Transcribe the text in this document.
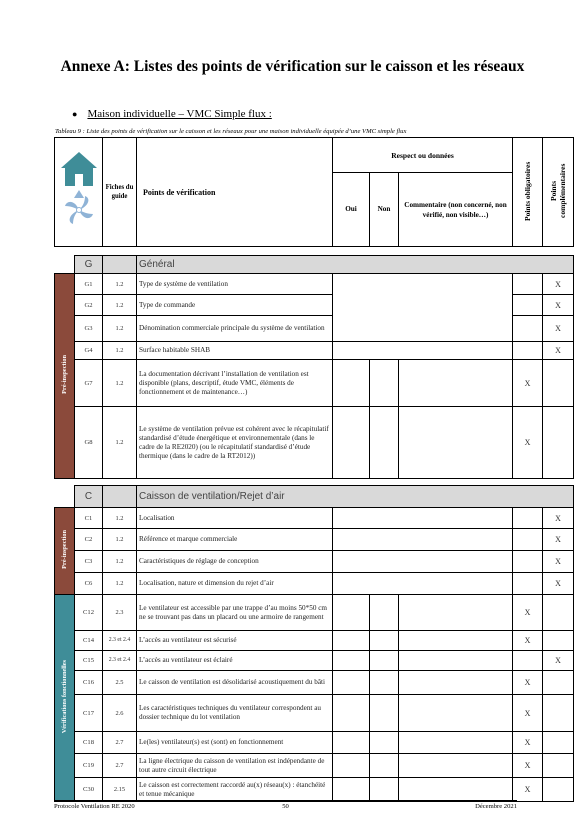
Annexe A: Listes des points de vérification sur le caisson et les réseaux
● Maison individuelle – VMC Simple flux :
Tableau 9 : Liste des points de vérification sur le caisson et les réseaux pour une maison individuelle équipée d’une VMC simple flux
	Fiches du guide	Points de vérification	Respect ou données			Points obligatoires	Points complémentaires
				Oui	Non	Commentaire (non concerné, non vérifié, non visible…)		

	G		Général					
Pré-inspection	G1	1.2	Type de système de ventilation					X
	G2	1.2	Type de commande					X
	G3	1.2	Dénomination commerciale principale du système de ventilation					X
	G4	1.2	Surface habitable SHAB					X
	G7	1.2	La documentation décrivant l’installation de ventilation est disponible (plans, descriptif, étude VMC, éléments de fonctionnement et de maintenance…)				X	
	G8	1.2	Le système de ventilation prévue est cohérent avec le récapitulatif standardisé d’étude énergétique et environnementale (dans le cadre de la RE2020) (ou le récapitulatif standardisé d’étude thermique (dans le cadre de la RT2012))				X	

	C		Caisson de ventilation/Rejet d’air					
Pré-inspection	C1	1.2	Localisation					X
	C2	1.2	Référence et marque commerciale					X
	C3	1.2	Caractéristiques de réglage de conception					X
	C6	1.2	Localisation, nature et dimension du rejet d’air					X
Vérifications fonctionnelles	C12	2.3	Le ventilateur est accessible par une trappe d’au moins 50*50 cm ne se trouvant pas dans un placard ou une armoire de rangement				X	
	C14	2.3 et 2.4	L’accès au ventilateur est sécurisé				X	
	C15	2.3 et 2.4	L’accès au ventilateur est éclairé					X
	C16	2.5	Le caisson de ventilation est désolidarisé acoustiquement du bâti				X	
	C17	2.6	Les caractéristiques techniques du ventilateur correspondent au dossier technique du lot ventilation				X	
	C18	2.7	Le(les) ventilateur(s) est (sont) en fonctionnement				X	
	C19	2.7	La ligne électrique du caisson de ventilation est indépendante de tout autre circuit électrique				X	
	C30	2.15	Le caisson est correctement raccordé au(x) réseau(x) : étanchéité et tenue mécanique				X	
Protocole Ventilation RE 2020	50	Décembre 2021
